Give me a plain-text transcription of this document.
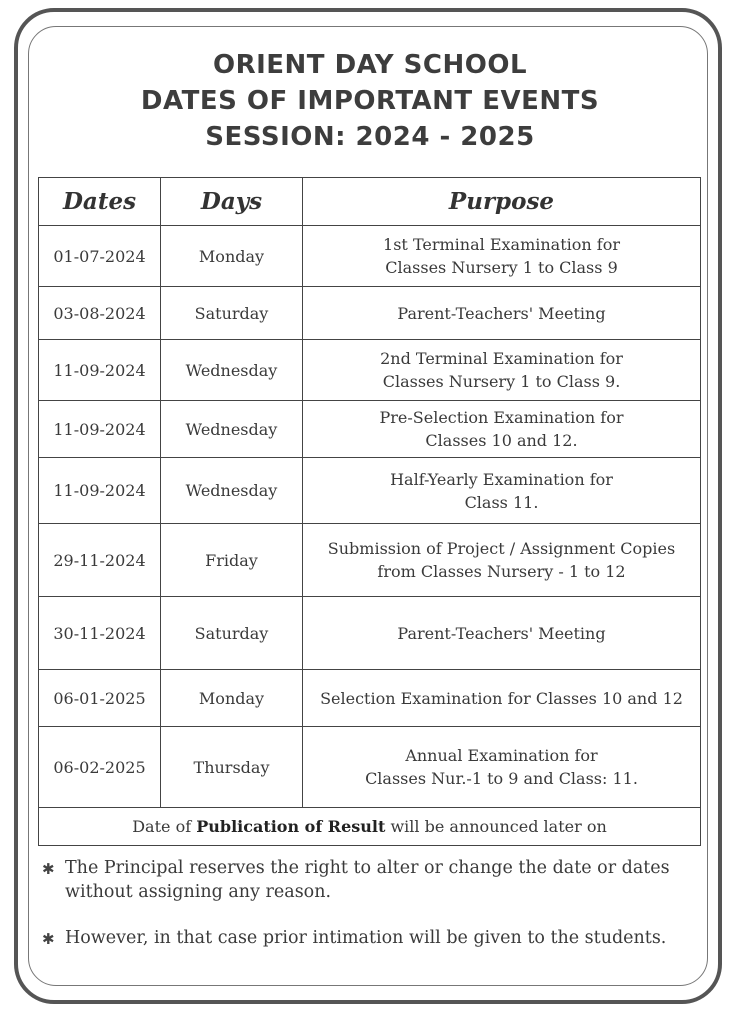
ORIENT DAY SCHOOL
DATES OF IMPORTANT EVENTS
SESSION: 2024 - 2025
Dates	Days	Purpose
01-07-2024	Monday	1st Terminal Examination for
Classes Nursery 1 to Class 9

03-08-2024	Saturday	Parent-Teachers' Meeting

11-09-2024	Wednesday	2nd Terminal Examination for
Classes Nursery 1 to Class 9.

11-09-2024	Wednesday	Pre-Selection Examination for
Classes 10 and 12.

11-09-2024	Wednesday	Half-Yearly Examination for
Class 11.

29-11-2024	Friday	Submission of Project / Assignment Copies
from Classes Nursery - 1 to 12

30-11-2024	Saturday	Parent-Teachers' Meeting

06-01-2025	Monday	Selection Examination for Classes 10 and 12

06-02-2025	Thursday	Annual Examination for
Classes Nur.-1 to 9 and Class: 11.

Date of Publication of Result will be announced later on		
✱ The Principal reserves the right to alter or change the date or dates
without assigning any reason.
✱ However, in that case prior intimation will be given to the students.
